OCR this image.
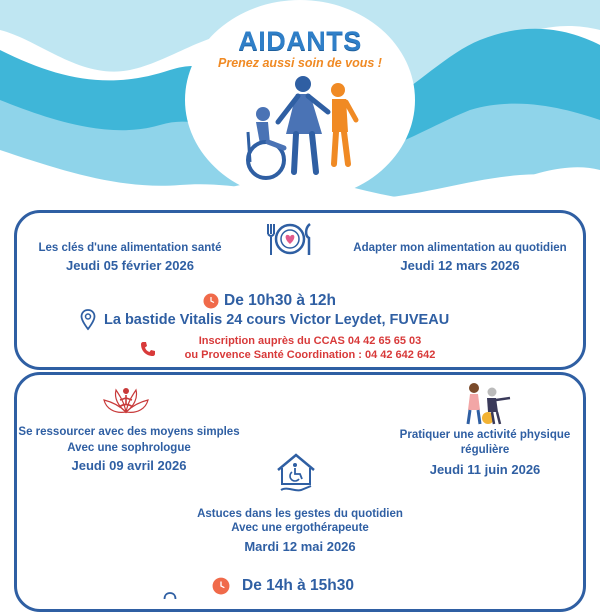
AIDANTS
Prenez aussi soin de vous !
Les clés d'une alimentation santé
Jeudi 05 février 2026
Adapter mon alimentation au quotidien
Jeudi 12 mars 2026
De 10h30 à 12h
La bastide Vitalis 24 cours Victor Leydet, FUVEAU
Inscription auprès du CCAS 04 42 65 65 03
ou Provence Santé Coordination : 04 42 642 642
Se ressourcer avec des moyens simples
Avec une sophrologue
Jeudi 09 avril 2026
Pratiquer une activité physique
régulière
Jeudi 11 juin 2026
Astuces dans les gestes du quotidien
Avec une ergothérapeute
Mardi 12 mai 2026
De 14h à 15h30
